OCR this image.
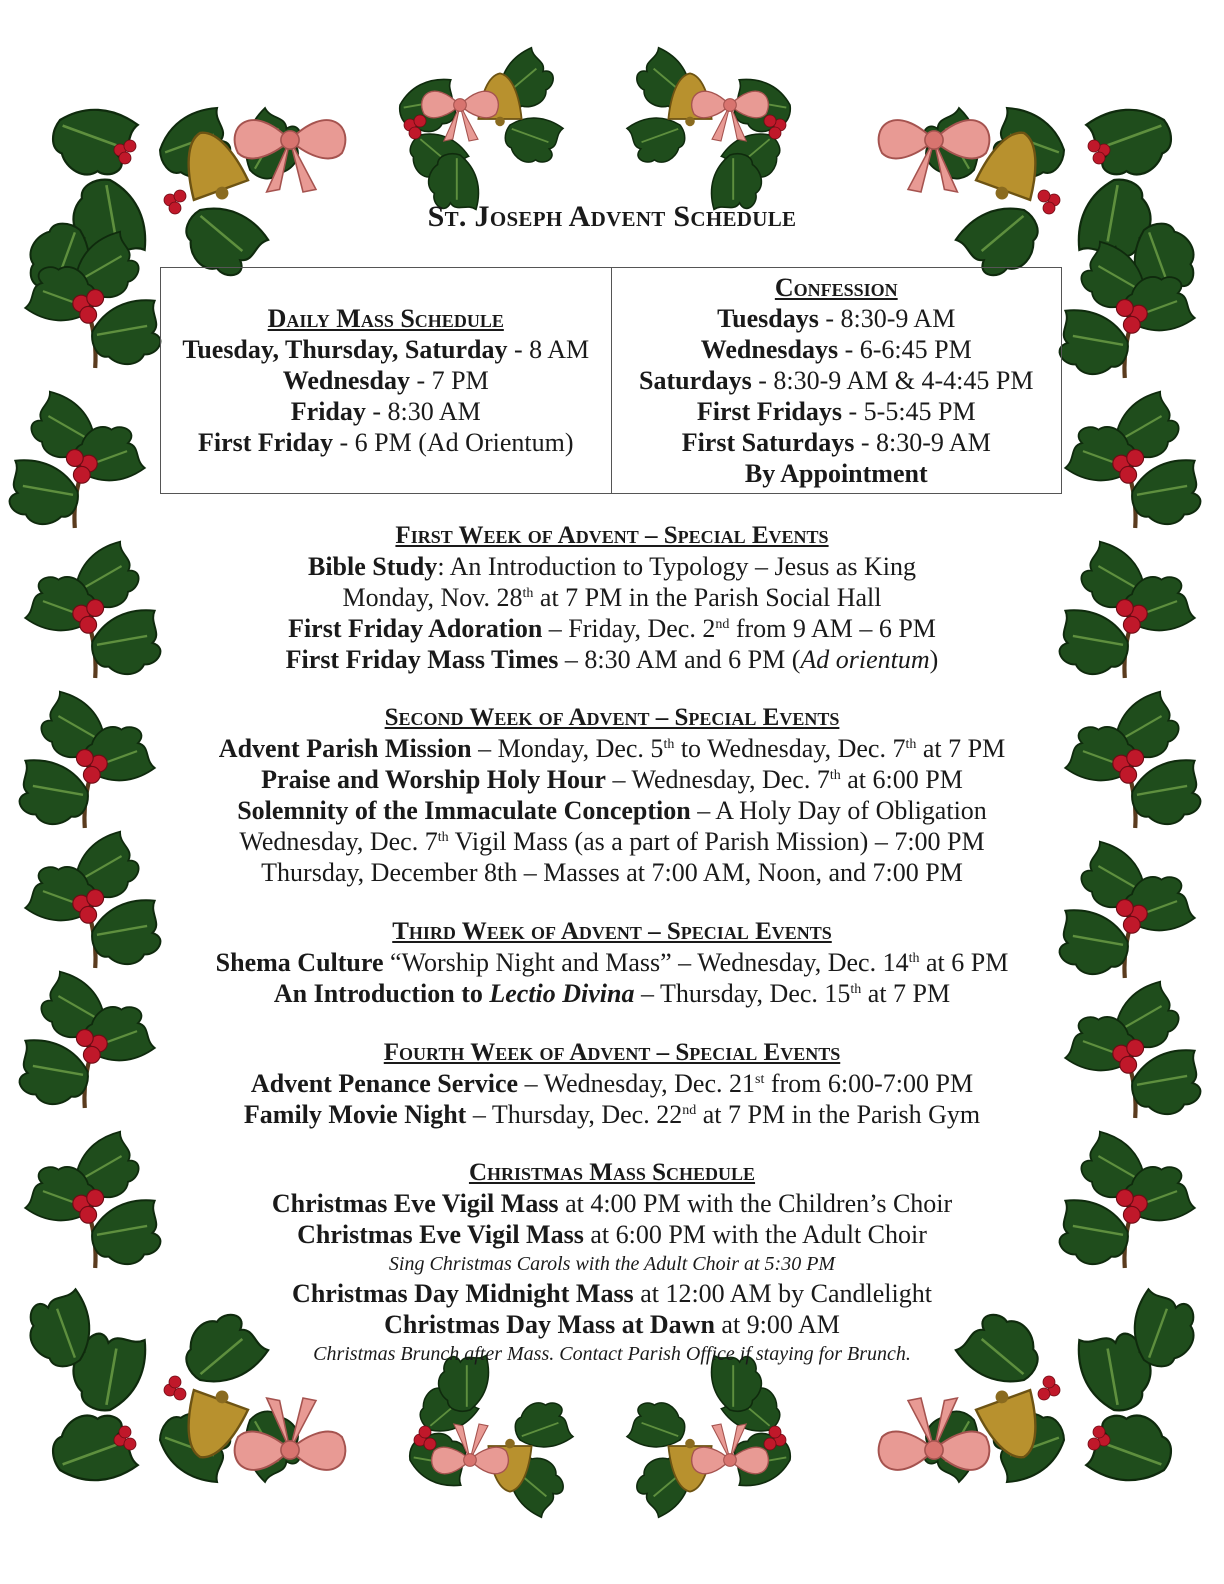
St. Joseph Advent Schedule
Daily Mass Schedule
Tuesday, Thursday, Saturday - 8 AM
Wednesday - 7 PM
Friday - 8:30 AM
First Friday - 6 PM (Ad Orientum)

Confession
Tuesdays - 8:30-9 AM
Wednesdays - 6-6:45 PM
Saturdays - 8:30-9 AM & 4-4:45 PM
First Fridays - 5-5:45 PM
First Saturdays - 8:30-9 AM
By Appointment
First Week of Advent – Special Events
Bible Study: An Introduction to Typology – Jesus as King
Monday, Nov. 28th at 7 PM in the Parish Social Hall
First Friday Adoration – Friday, Dec. 2nd from 9 AM – 6 PM
First Friday Mass Times – 8:30 AM and 6 PM (Ad orientum)
Second Week of Advent – Special Events
Advent Parish Mission – Monday, Dec. 5th to Wednesday, Dec. 7th at 7 PM
Praise and Worship Holy Hour – Wednesday, Dec. 7th at 6:00 PM
Solemnity of the Immaculate Conception – A Holy Day of Obligation
Wednesday, Dec. 7th Vigil Mass (as a part of Parish Mission) – 7:00 PM
Thursday, December 8th – Masses at 7:00 AM, Noon, and 7:00 PM
Third Week of Advent – Special Events
Shema Culture “Worship Night and Mass” – Wednesday, Dec. 14th at 6 PM
An Introduction to Lectio Divina – Thursday, Dec. 15th at 7 PM
Fourth Week of Advent – Special Events
Advent Penance Service – Wednesday, Dec. 21st from 6:00-7:00 PM
Family Movie Night – Thursday, Dec. 22nd at 7 PM in the Parish Gym
Christmas Mass Schedule
Christmas Eve Vigil Mass at 4:00 PM with the Children’s Choir
Christmas Eve Vigil Mass at 6:00 PM with the Adult Choir
Sing Christmas Carols with the Adult Choir at 5:30 PM
Christmas Day Midnight Mass at 12:00 AM by Candlelight
Christmas Day Mass at Dawn at 9:00 AM
Christmas Brunch after Mass. Contact Parish Office if staying for Brunch.
